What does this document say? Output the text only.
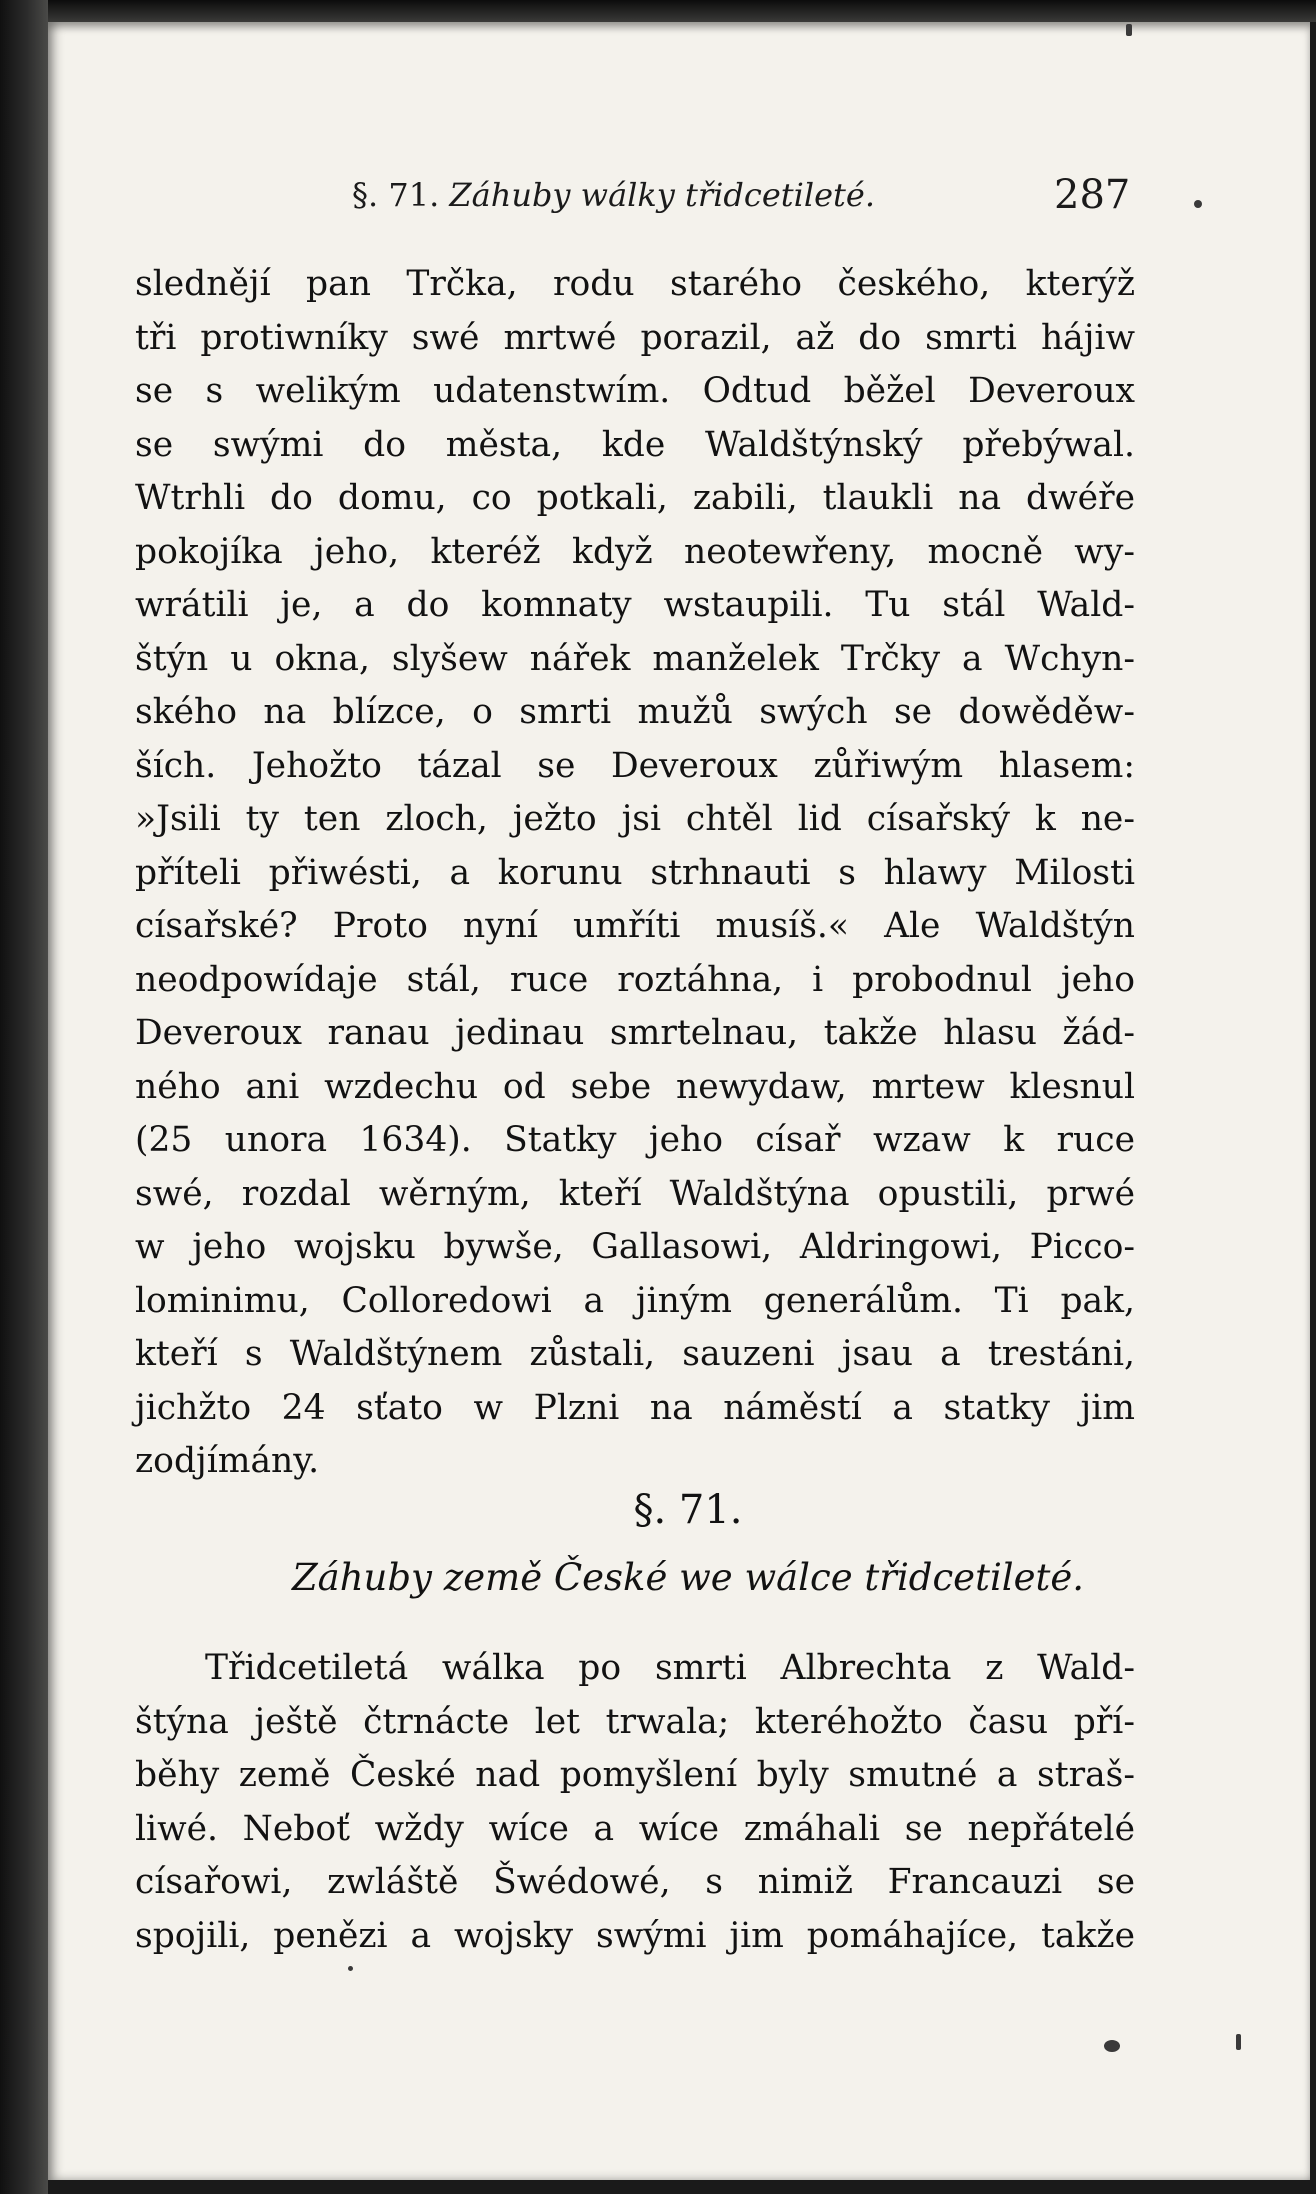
§. 71. Záhuby wálky třidcetileté.	287
slednějí pan Trčka, rodu starého českého, kterýž
tři protiwníky swé mrtwé porazil, až do smrti hájiw
se s welikým udatenstwím. Odtud běžel Deveroux
se swými do města, kde Waldštýnský přebýwal.
Wtrhli do domu, co potkali, zabili, tlaukli na dwéře
pokojíka jeho, kteréž když neotewřeny, mocně wy-
wrátili je, a do komnaty wstaupili. Tu stál Wald-
štýn u okna, slyšew nářek manželek Trčky a Wchyn-
ského na blízce, o smrti mužů swých se dowěděw-
ších. Jehožto tázal se Deveroux zůřiwým hlasem:
»Jsili ty ten zloch, ježto jsi chtěl lid císařský k ne-
příteli přiwésti, a korunu strhnauti s hlawy Milosti
císařské? Proto nyní umříti musíš.« Ale Waldštýn
neodpowídaje stál, ruce roztáhna, i probodnul jeho
Deveroux ranau jedinau smrtelnau, takže hlasu žád-
ného ani wzdechu od sebe newydaw, mrtew klesnul
(25 unora 1634). Statky jeho císař wzaw k ruce
swé, rozdal wěrným, kteří Waldštýna opustili, prwé
w jeho wojsku bywše, Gallasowi, Aldringowi, Picco-
lominimu, Colloredowi a jiným generálům. Ti pak,
kteří s Waldštýnem zůstali, sauzeni jsau a trestáni,
jichžto 24 sťato w Plzni na náměstí a statky jim
zodjímány.
§. 71.
Záhuby země České we wálce třidcetileté.
Třidcetiletá wálka po smrti Albrechta z Wald-
štýna ještě čtrnácte let trwala; kteréhožto času pří-
běhy země České nad pomyšlení byly smutné a straš-
liwé. Neboť wždy wíce a wíce zmáhali se nepřátelé
císařowi, zwláště Šwédowé, s nimiž Francauzi se
spojili, penězi a wojsky swými jim pomáhajíce, takže
